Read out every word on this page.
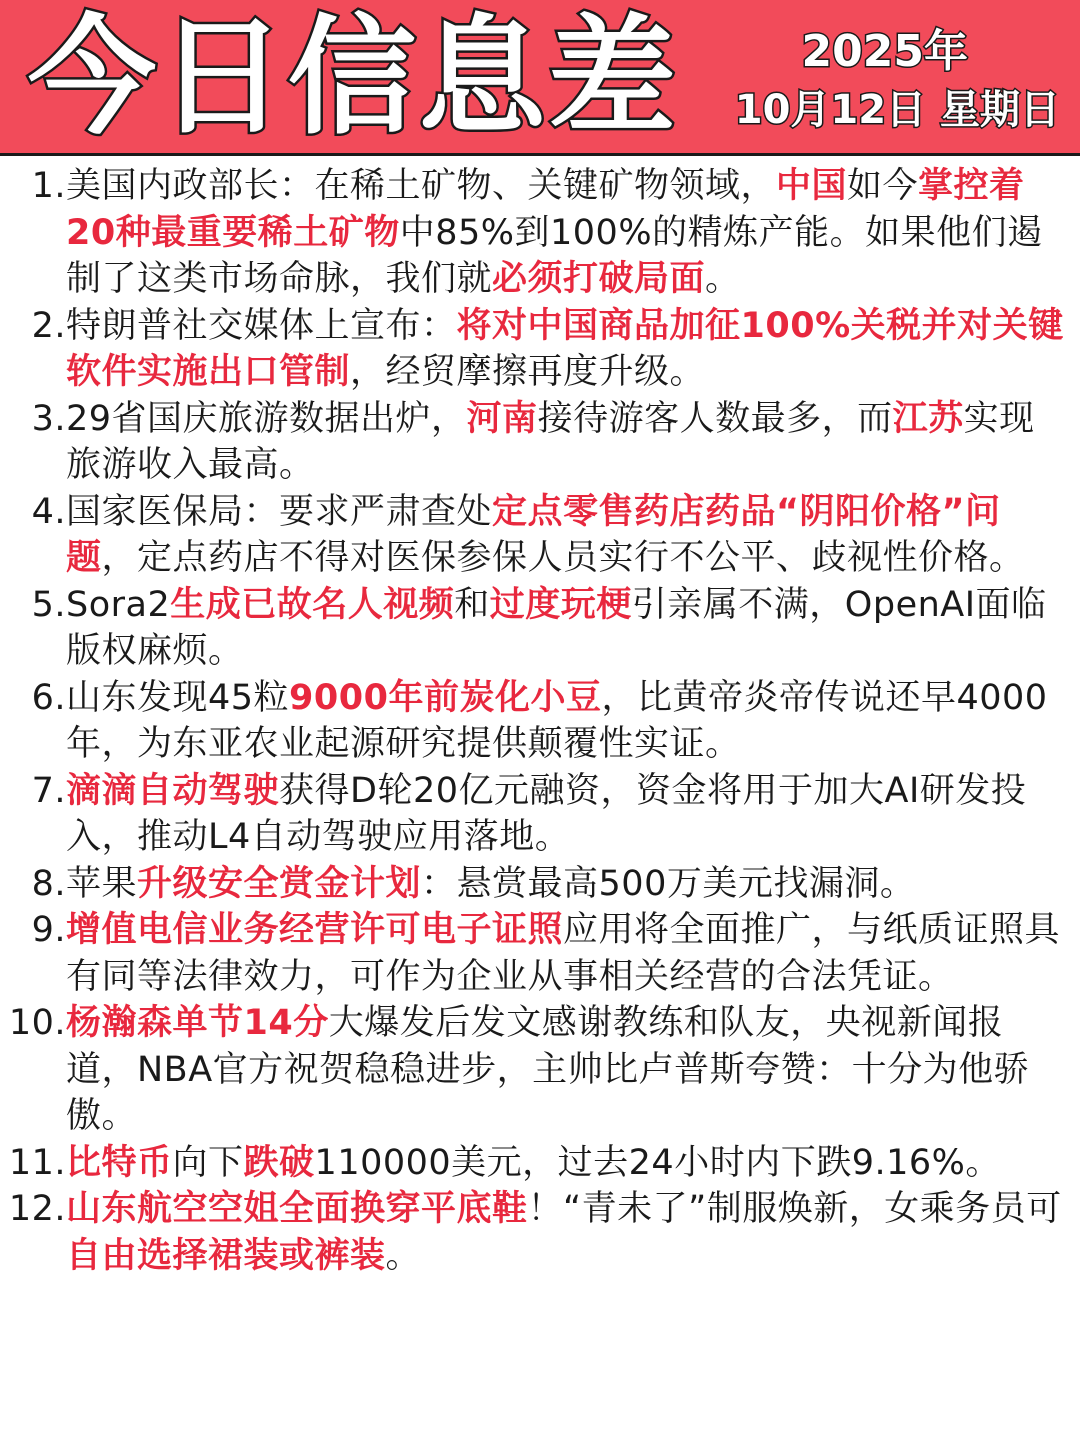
今日信息差	2025年
10月12日 星期日
1. 美国内政部长：在稀土矿物、关键矿物领域，中国如今掌控着20种最重要稀土矿物中85%到100%的精炼产能。如果他们遏制了这类市场命脉，我们就必须打破局面。
2. 特朗普社交媒体上宣布：将对中国商品加征100%关税并对关键软件实施出口管制，经贸摩擦再度升级。
3. 29省国庆旅游数据出炉，河南接待游客人数最多，而江苏实现旅游收入最高。
4. 国家医保局：要求严肃查处定点零售药店药品“阴阳价格”问题，定点药店不得对医保参保人员实行不公平、歧视性价格。
5. Sora2生成已故名人视频和过度玩梗引亲属不满，OpenAI面临版权麻烦。
6. 山东发现45粒9000年前炭化小豆，比黄帝炎帝传说还早4000年，为东亚农业起源研究提供颠覆性实证。
7. 滴滴自动驾驶获得D轮20亿元融资，资金将用于加大AI研发投入，推动L4自动驾驶应用落地。
8. 苹果升级安全赏金计划：悬赏最高500万美元找漏洞。
9. 增值电信业务经营许可电子证照应用将全面推广，与纸质证照具有同等法律效力，可作为企业从事相关经营的合法凭证。
10. 杨瀚森单节14分大爆发后发文感谢教练和队友，央视新闻报道，NBA官方祝贺稳稳进步，主帅比卢普斯夸赞：十分为他骄傲。
11. 比特币向下跌破110000美元，过去24小时内下跌9.16%。
12. 山东航空空姐全面换穿平底鞋！“青未了”制服焕新，女乘务员可自由选择裙装或裤装。
